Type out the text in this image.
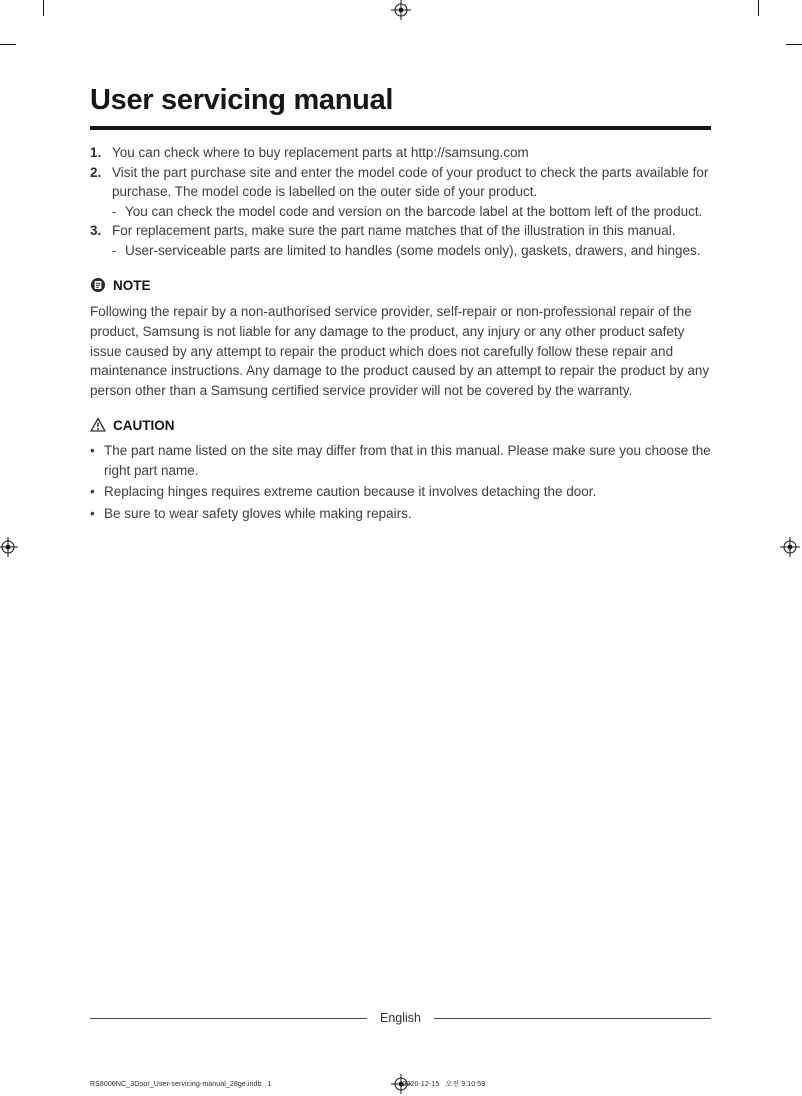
User servicing manual
1. You can check where to buy replacement parts at http://samsung.com
2. Visit the part purchase site and enter the model code of your product to check the parts available for purchase. The model code is labelled on the outer side of your product.
- You can check the model code and version on the barcode label at the bottom left of the product.
3. For replacement parts, make sure the part name matches that of the illustration in this manual.
- User-serviceable parts are limited to handles (some models only), gaskets, drawers, and hinges.
NOTE

Following the repair by a non-authorised service provider, self-repair or non-professional repair of the product, Samsung is not liable for any damage to the product, any injury or any other product safety issue caused by any attempt to repair the product which does not carefully follow these repair and maintenance instructions. Any damage to the product caused by an attempt to repair the product by any person other than a Samsung certified service provider will not be covered by the warranty.

CAUTION
• The part name listed on the site may differ from that in this manual. Please make sure you choose the right part name.
• Replacing hinges requires extreme caution because it involves detaching the door.
• Be sure to wear safety gloves while making repairs.
English
RS8000NC_3Door_User-servicing-manual_28ge.indb   1                                                                2020-12-15   오전 9:10:59
